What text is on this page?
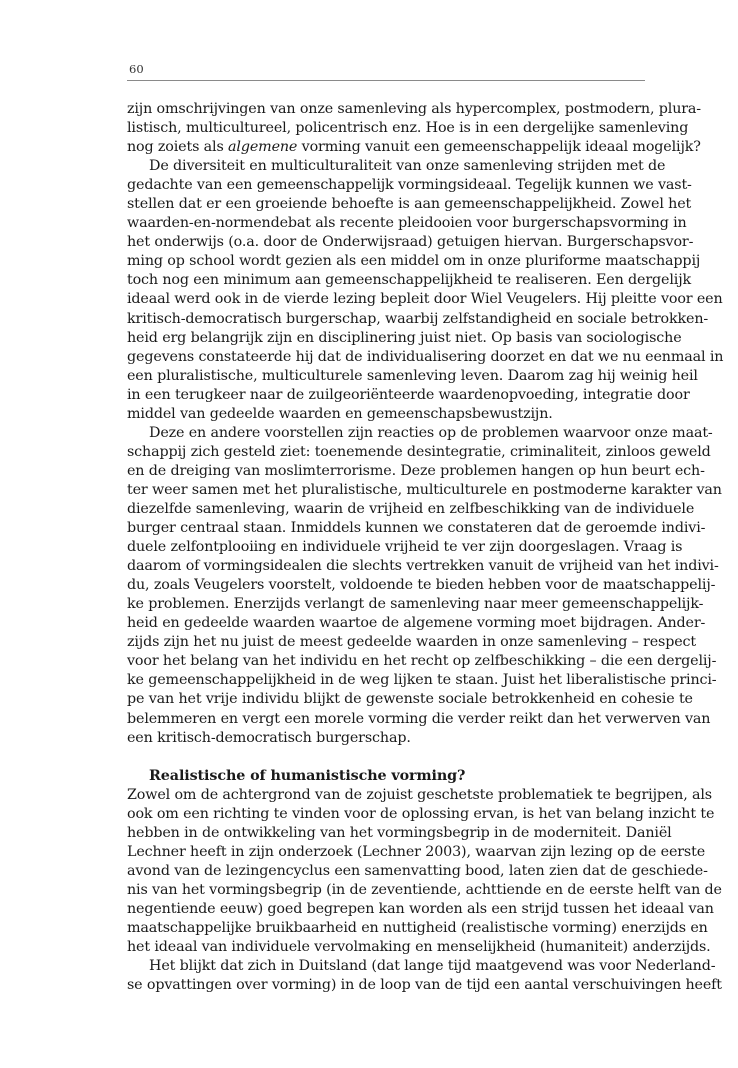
60
zijn omschrijvingen van onze samenleving als hypercomplex, postmodern, plura-
listisch, multicultureel, policentrisch enz. Hoe is in een dergelijke samenleving
nog zoiets als algemene vorming vanuit een gemeenschappelijk ideaal mogelijk?
De diversiteit en multiculturaliteit van onze samenleving strijden met de
gedachte van een gemeenschappelijk vormingsideaal. Tegelijk kunnen we vast-
stellen dat er een groeiende behoefte is aan gemeenschappelijkheid. Zowel het
waarden-en-normendebat als recente pleidooien voor burgerschapsvorming in
het onderwijs (o.a. door de Onderwijsraad) getuigen hiervan. Burgerschapsvor-
ming op school wordt gezien als een middel om in onze pluriforme maatschappij
toch nog een minimum aan gemeenschappelijkheid te realiseren. Een dergelijk
ideaal werd ook in de vierde lezing bepleit door Wiel Veugelers. Hij pleitte voor een
kritisch-democratisch burgerschap, waarbij zelfstandigheid en sociale betrokken-
heid erg belangrijk zijn en disciplinering juist niet. Op basis van sociologische
gegevens constateerde hij dat de individualisering doorzet en dat we nu eenmaal in
een pluralistische, multiculturele samenleving leven. Daarom zag hij weinig heil
in een terugkeer naar de zuilgeoriënteerde waardenopvoeding, integratie door
middel van gedeelde waarden en gemeenschapsbewustzijn.
Deze en andere voorstellen zijn reacties op de problemen waarvoor onze maat-
schappij zich gesteld ziet: toenemende desintegratie, criminaliteit, zinloos geweld
en de dreiging van moslimterrorisme. Deze problemen hangen op hun beurt ech-
ter weer samen met het pluralistische, multiculturele en postmoderne karakter van
diezelfde samenleving, waarin de vrijheid en zelfbeschikking van de individuele
burger centraal staan. Inmiddels kunnen we constateren dat de geroemde indivi-
duele zelfontplooiing en individuele vrijheid te ver zijn doorgeslagen. Vraag is
daarom of vormingsidealen die slechts vertrekken vanuit de vrijheid van het indivi-
du, zoals Veugelers voorstelt, voldoende te bieden hebben voor de maatschappelij-
ke problemen. Enerzijds verlangt de samenleving naar meer gemeenschappelijk-
heid en gedeelde waarden waartoe de algemene vorming moet bijdragen. Ander-
zijds zijn het nu juist de meest gedeelde waarden in onze samenleving – respect
voor het belang van het individu en het recht op zelfbeschikking – die een dergelij-
ke gemeenschappelijkheid in de weg lijken te staan. Juist het liberalistische princi-
pe van het vrije individu blijkt de gewenste sociale betrokkenheid en cohesie te
belemmeren en vergt een morele vorming die verder reikt dan het verwerven van
een kritisch-democratisch burgerschap.
Realistische of humanistische vorming?
Zowel om de achtergrond van de zojuist geschetste problematiek te begrijpen, als
ook om een richting te vinden voor de oplossing ervan, is het van belang inzicht te
hebben in de ontwikkeling van het vormingsbegrip in de moderniteit. Daniël
Lechner heeft in zijn onderzoek (Lechner 2003), waarvan zijn lezing op de eerste
avond van de lezingencyclus een samenvatting bood, laten zien dat de geschiede-
nis van het vormingsbegrip (in de zeventiende, achttiende en de eerste helft van de
negentiende eeuw) goed begrepen kan worden als een strijd tussen het ideaal van
maatschappelijke bruikbaarheid en nuttigheid (realistische vorming) enerzijds en
het ideaal van individuele vervolmaking en menselijkheid (humaniteit) anderzijds.
Het blijkt dat zich in Duitsland (dat lange tijd maatgevend was voor Nederland-
se opvattingen over vorming) in de loop van de tijd een aantal verschuivingen heeft
